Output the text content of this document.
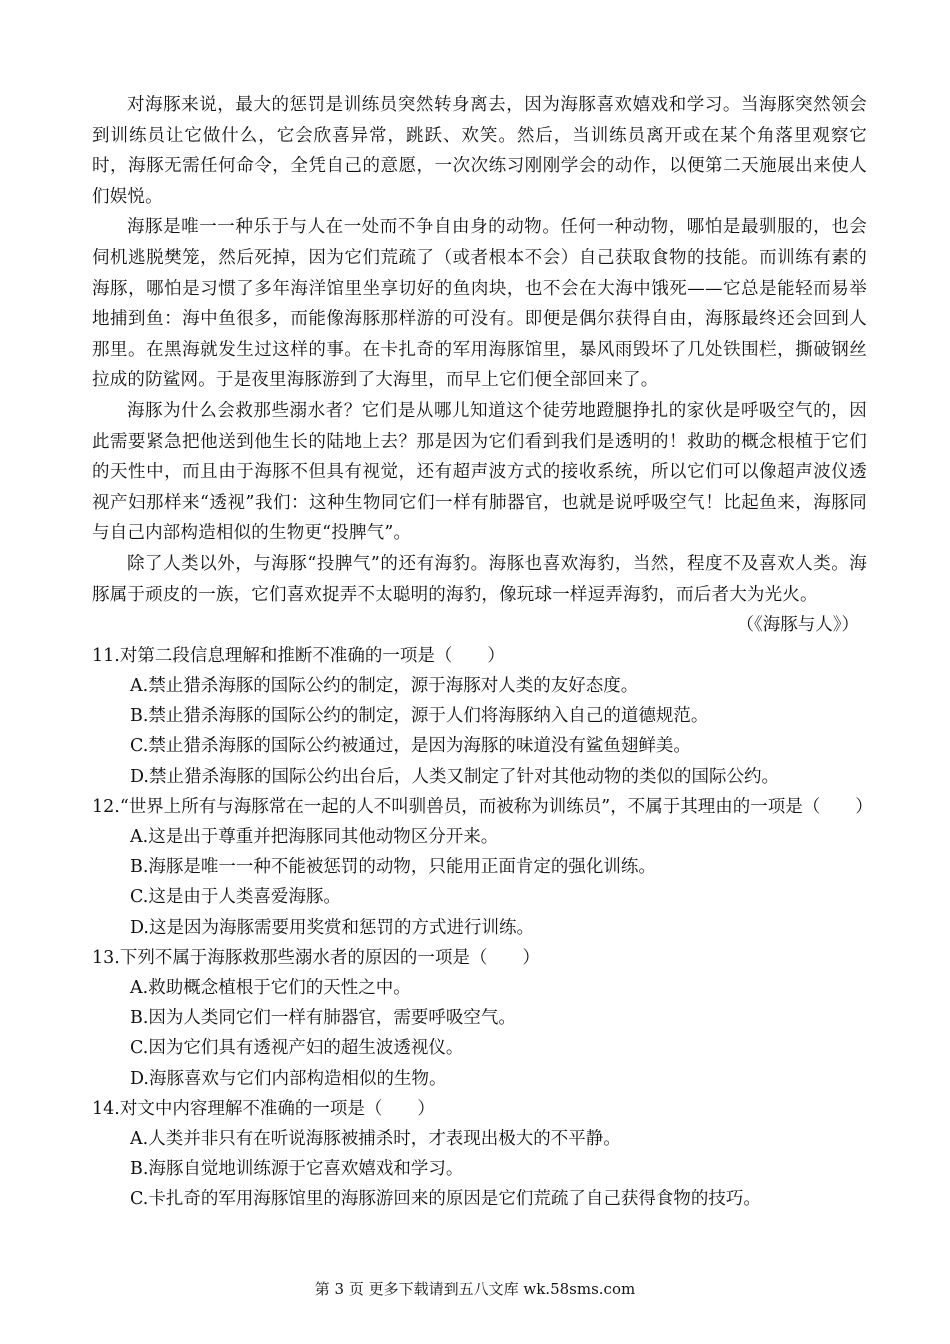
对海豚来说，最大的惩罚是训练员突然转身离去，因为海豚喜欢嬉戏和学习。当海豚突然领会到训练员让它做什么，它会欣喜异常，跳跃、欢笑。然后，当训练员离开或在某个角落里观察它时，海豚无需任何命令，全凭自己的意愿，一次次练习刚刚学会的动作，以便第二天施展出来使人们娱悦。

海豚是唯一一种乐于与人在一处而不争自由身的动物。任何一种动物，哪怕是最驯服的，也会伺机逃脱樊笼，然后死掉，因为它们荒疏了（或者根本不会）自己获取食物的技能。而训练有素的海豚，哪怕是习惯了多年海洋馆里坐享切好的鱼肉块，也不会在大海中饿死——它总是能轻而易举地捕到鱼：海中鱼很多，而能像海豚那样游的可没有。即便是偶尔获得自由，海豚最终还会回到人那里。在黑海就发生过这样的事。在卡扎奇的军用海豚馆里，暴风雨毁坏了几处铁围栏，撕破钢丝拉成的防鲨网。于是夜里海豚游到了大海里，而早上它们便全部回来了。

海豚为什么会救那些溺水者？它们是从哪儿知道这个徒劳地蹬腿挣扎的家伙是呼吸空气的，因此需要紧急把他送到他生长的陆地上去？那是因为它们看到我们是透明的！救助的概念根植于它们的天性中，而且由于海豚不但具有视觉，还有超声波方式的接收系统，所以它们可以像超声波仪透视产妇那样来“透视”我们：这种生物同它们一样有肺器官，也就是说呼吸空气！比起鱼来，海豚同与自己内部构造相似的生物更“投脾气”。

除了人类以外，与海豚“投脾气”的还有海豹。海豚也喜欢海豹，当然，程度不及喜欢人类。海豚属于顽皮的一族，它们喜欢捉弄不太聪明的海豹，像玩球一样逗弄海豹，而后者大为光火。

（《海豚与人》）

11.对第二段信息理解和推断不准确的一项是（　　）

A.禁止猎杀海豚的国际公约的制定，源于海豚对人类的友好态度。

B.禁止猎杀海豚的国际公约的制定，源于人们将海豚纳入自己的道德规范。

C.禁止猎杀海豚的国际公约被通过，是因为海豚的味道没有鲨鱼翅鲜美。

D.禁止猎杀海豚的国际公约出台后，人类又制定了针对其他动物的类似的国际公约。

12.“世界上所有与海豚常在一起的人不叫驯兽员，而被称为训练员”，不属于其理由的一项是（　　）

A.这是出于尊重并把海豚同其他动物区分开来。

B.海豚是唯一一种不能被惩罚的动物，只能用正面肯定的强化训练。

C.这是由于人类喜爱海豚。

D.这是因为海豚需要用奖赏和惩罚的方式进行训练。

13.下列不属于海豚救那些溺水者的原因的一项是（　　）

A.救助概念植根于它们的天性之中。

B.因为人类同它们一样有肺器官，需要呼吸空气。

C.因为它们具有透视产妇的超生波透视仪。

D.海豚喜欢与它们内部构造相似的生物。

14.对文中内容理解不准确的一项是（　　）

A.人类并非只有在听说海豚被捕杀时，才表现出极大的不平静。

B.海豚自觉地训练源于它喜欢嬉戏和学习。

C.卡扎奇的军用海豚馆里的海豚游回来的原因是它们荒疏了自己获得食物的技巧。

第 3 页 更多下载请到五八文库 wk.58sms.com
